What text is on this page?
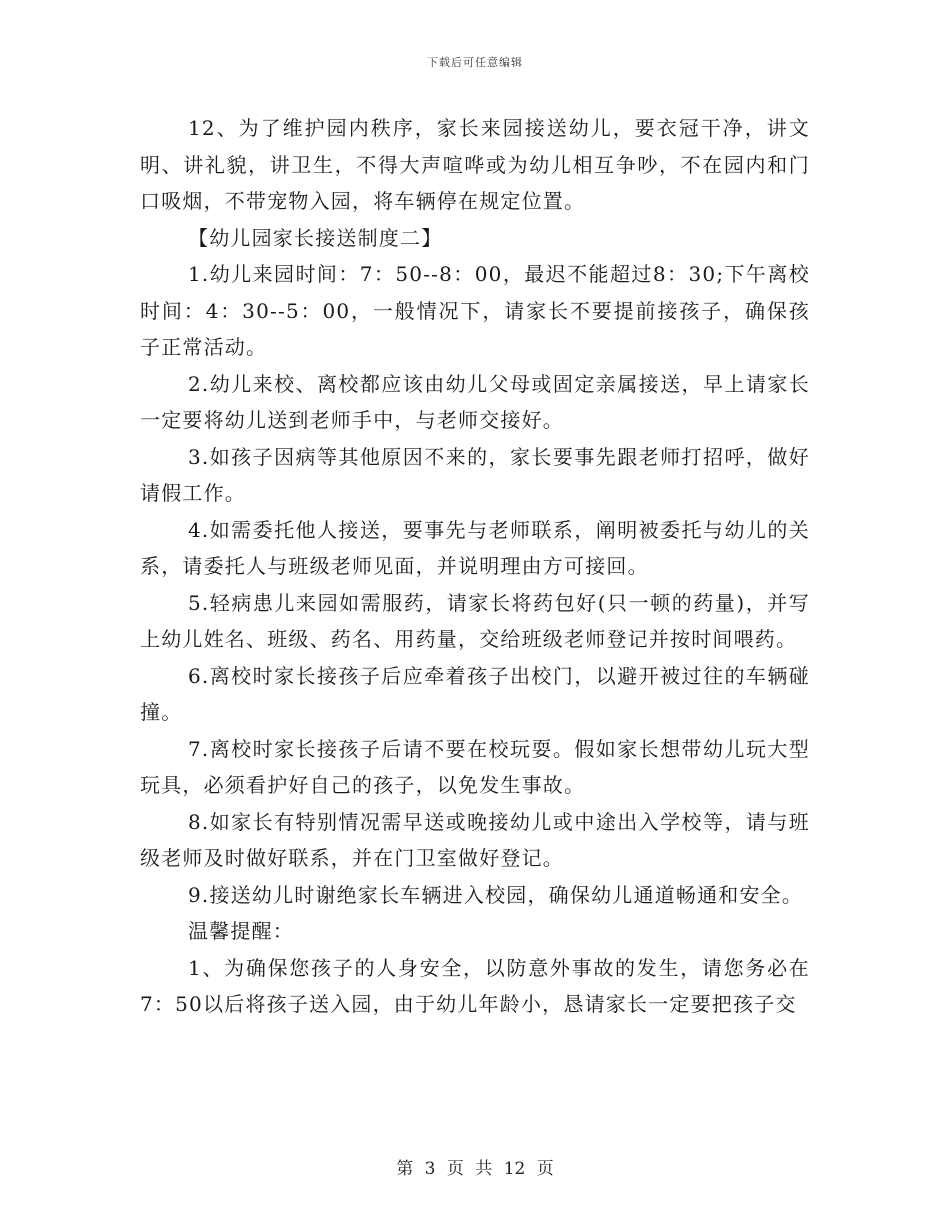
下载后可任意编辑

12、为了维护园内秩序，家长来园接送幼儿，要衣冠干净，讲文明、讲礼貌，讲卫生，不得大声喧哗或为幼儿相互争吵，不在园内和门口吸烟，不带宠物入园，将车辆停在规定位置。

【幼儿园家长接送制度二】

1.幼儿来园时间：7：50--8：00，最迟不能超过8：30;下午离校时间：4：30--5：00，一般情况下，请家长不要提前接孩子，确保孩子正常活动。

2.幼儿来校、离校都应该由幼儿父母或固定亲属接送，早上请家长一定要将幼儿送到老师手中，与老师交接好。

3.如孩子因病等其他原因不来的，家长要事先跟老师打招呼，做好请假工作。

4.如需委托他人接送，要事先与老师联系，阐明被委托与幼儿的关系，请委托人与班级老师见面，并说明理由方可接回。

5.轻病患儿来园如需服药，请家长将药包好(只一顿的药量)，并写上幼儿姓名、班级、药名、用药量，交给班级老师登记并按时间喂药。

6.离校时家长接孩子后应牵着孩子出校门，以避开被过往的车辆碰撞。

7.离校时家长接孩子后请不要在校玩耍。假如家长想带幼儿玩大型玩具，必须看护好自己的孩子，以免发生事故。

8.如家长有特别情况需早送或晚接幼儿或中途出入学校等，请与班级老师及时做好联系，并在门卫室做好登记。

9.接送幼儿时谢绝家长车辆进入校园，确保幼儿通道畅通和安全。

温馨提醒：

1、为确保您孩子的人身安全，以防意外事故的发生，请您务必在7：50以后将孩子送入园，由于幼儿年龄小，恳请家长一定要把孩子交

第 3 页 共 12 页
